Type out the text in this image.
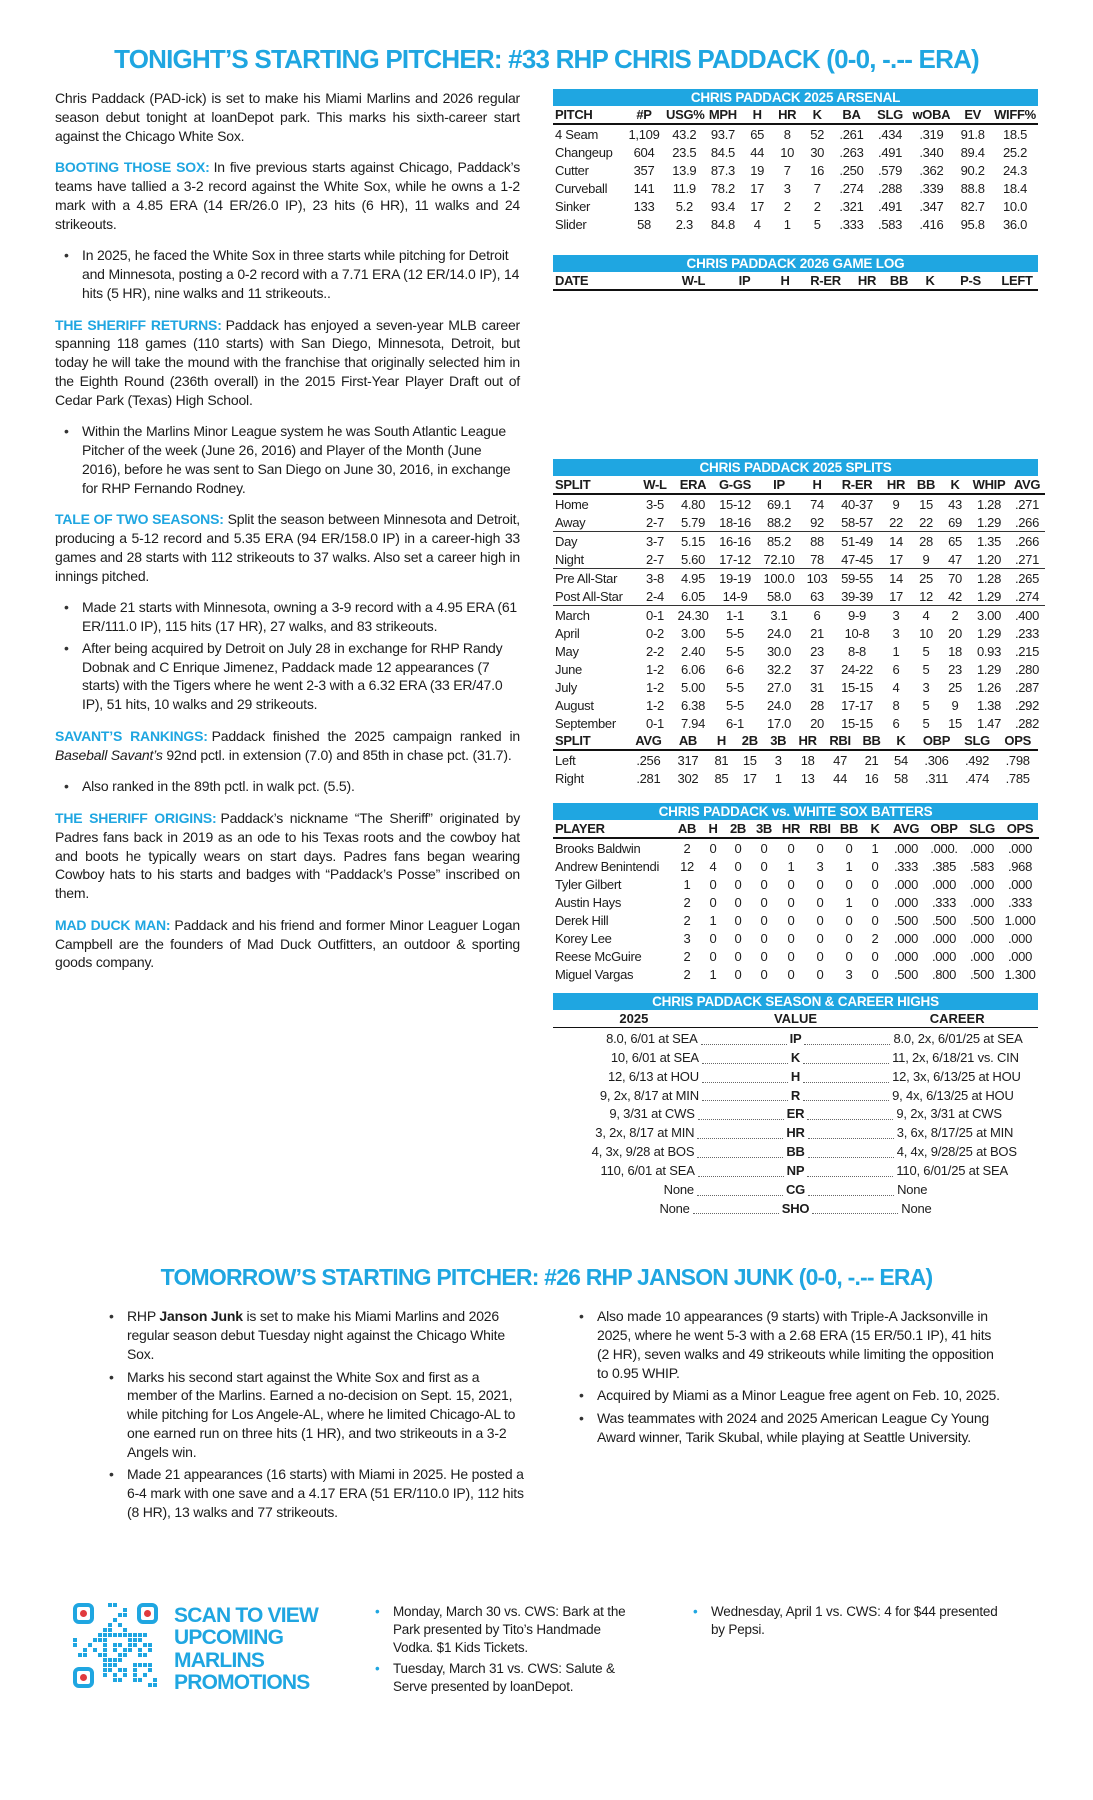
TONIGHT’S STARTING PITCHER: #33 RHP CHRIS PADDACK (0-0, -.-- ERA)

Chris Paddack (PAD-ick) is set to make his Miami Marlins and 2026 regular season debut tonight at loanDepot park. This marks his sixth-career start against the Chicago White Sox.

BOOTING THOSE SOX: In five previous starts against Chicago, Paddack’s teams have tallied a 3-2 record against the White Sox, while he owns a 1-2 mark with a 4.85 ERA (14 ER/26.0 IP), 23 hits (6 HR), 11 walks and 24 strikeouts.

• In 2025, he faced the White Sox in three starts while pitching for Detroit and Minnesota, posting a 0-2 record with a 7.71 ERA (12 ER/14.0 IP), 14 hits (5 HR), nine walks and 11 strikeouts..

THE SHERIFF RETURNS: Paddack has enjoyed a seven-year MLB career spanning 118 games (110 starts) with San Diego, Minnesota, Detroit, but today he will take the mound with the franchise that originally selected him in the Eighth Round (236th overall) in the 2015 First-Year Player Draft out of Cedar Park (Texas) High School.

• Within the Marlins Minor League system he was South Atlantic League Pitcher of the week (June 26, 2016) and Player of the Month (June 2016), before he was sent to San Diego on June 30, 2016, in exchange for RHP Fernando Rodney.

TALE OF TWO SEASONS: Split the season between Minnesota and Detroit, producing a 5-12 record and 5.35 ERA (94 ER/158.0 IP) in a career-high 33 games and 28 starts with 112 strikeouts to 37 walks. Also set a career high in innings pitched.

• Made 21 starts with Minnesota, owning a 3-9 record with a 4.95 ERA (61 ER/111.0 IP), 115 hits (17 HR), 27 walks, and 83 strikeouts.
• After being acquired by Detroit on July 28 in exchange for RHP Randy Dobnak and C Enrique Jimenez, Paddack made 12 appearances (7 starts) with the Tigers where he went 2-3 with a 6.32 ERA (33 ER/47.0 IP), 51 hits, 10 walks and 29 strikeouts.

SAVANT’S RANKINGS: Paddack finished the 2025 campaign ranked in Baseball Savant’s 92nd pctl. in extension (7.0) and 85th in chase pct. (31.7).

• Also ranked in the 89th pctl. in walk pct. (5.5).

THE SHERIFF ORIGINS: Paddack’s nickname “The Sheriff” originated by Padres fans back in 2019 as an ode to his Texas roots and the cowboy hat and boots he typically wears on start days. Padres fans began wearing Cowboy hats to his starts and badges with “Paddack’s Posse” inscribed on them.

MAD DUCK MAN: Paddack and his friend and former Minor Leaguer Logan Campbell are the founders of Mad Duck Outfitters, an outdoor & sporting goods company.

CHRIS PADDACK 2025 ARSENAL
PITCH	#P	USG%	MPH	H	HR	K	BA	SLG	wOBA	EV	WIFF%
4 Seam	1,109	43.2	93.7	65	8	52	.261	.434	.319	91.8	18.5
Changeup	604	23.5	84.5	44	10	30	.263	.491	.340	89.4	25.2
Cutter	357	13.9	87.3	19	7	16	.250	.579	.362	90.2	24.3
Curveball	141	11.9	78.2	17	3	7	.274	.288	.339	88.8	18.4
Sinker	133	5.2	93.4	17	2	2	.321	.491	.347	82.7	10.0
Slider	58	2.3	84.8	4	1	5	.333	.583	.416	95.8	36.0
CHRIS PADDACK 2026 GAME LOG
DATE	W-L	IP	H	R-ER	HR	BB	K	P-S	LEFT
CHRIS PADDACK 2025 SPLITS
SPLIT	W-L	ERA	G-GS	IP	H	R-ER	HR	BB	K	WHIP	AVG
Home	3-5	4.80	15-12	69.1	74	40-37	9	15	43	1.28	.271
Away	2-7	5.79	18-16	88.2	92	58-57	22	22	69	1.29	.266
Day	3-7	5.15	16-16	85.2	88	51-49	14	28	65	1.35	.266
Night	2-7	5.60	17-12	72.10	78	47-45	17	9	47	1.20	.271
Pre All-Star	3-8	4.95	19-19	100.0	103	59-55	14	25	70	1.28	.265
Post All-Star	2-4	6.05	14-9	58.0	63	39-39	17	12	42	1.29	.274
March	0-1	24.30	1-1	3.1	6	9-9	3	4	2	3.00	.400
April	0-2	3.00	5-5	24.0	21	10-8	3	10	20	1.29	.233
May	2-2	2.40	5-5	30.0	23	8-8	1	5	18	0.93	.215
June	1-2	6.06	6-6	32.2	37	24-22	6	5	23	1.29	.280
July	1-2	5.00	5-5	27.0	31	15-15	4	3	25	1.26	.287
August	1-2	6.38	5-5	24.0	28	17-17	8	5	9	1.38	.292
September	0-1	7.94	6-1	17.0	20	15-15	6	5	15	1.47	.282
SPLIT	AVG	AB	H	2B	3B	HR	RBI	BB	K	OBP	SLG	OPS
Left	.256	317	81	15	3	18	47	21	54	.306	.492	.798
Right	.281	302	85	17	1	13	44	16	58	.311	.474	.785
CHRIS PADDACK vs. WHITE SOX BATTERS
PLAYER	AB	H	2B	3B	HR	RBI	BB	K	AVG	OBP	SLG	OPS
Brooks Baldwin	2	0	0	0	0	0	0	1	.000	.000.	.000	.000
Andrew Benintendi	12	4	0	0	1	3	1	0	.333	.385	.583	.968
Tyler Gilbert	1	0	0	0	0	0	0	0	.000	.000	.000	.000
Austin Hays	2	0	0	0	0	0	1	0	.000	.333	.000	.333
Derek Hill	2	1	0	0	0	0	0	0	.500	.500	.500	1.000
Korey Lee	3	0	0	0	0	0	0	2	.000	.000	.000	.000
Reese McGuire	2	0	0	0	0	0	0	0	.000	.000	.000	.000
Miguel Vargas	2	1	0	0	0	0	3	0	.500	.800	.500	1.300
CHRIS PADDACK SEASON & CAREER HIGHS
2025	VALUE	CAREER
8.0, 6/01 at SEA	IP	8.0, 2x, 6/01/25 at SEA
10, 6/01 at SEA	K	11, 2x, 6/18/21 vs. CIN
12, 6/13 at HOU	H	12, 3x, 6/13/25 at HOU
9, 2x, 8/17 at MIN	R	9, 4x, 6/13/25 at HOU
9, 3/31 at CWS	ER	9, 2x, 3/31 at CWS
3, 2x, 8/17 at MIN	HR	3, 6x, 8/17/25 at MIN
4, 3x, 9/28 at BOS	BB	4, 4x, 9/28/25 at BOS
110, 6/01 at SEA	NP	110, 6/01/25 at SEA
None	CG	None
None	SHO	None
TOMORROW’S STARTING PITCHER: #26 RHP JANSON JUNK (0-0, -.-- ERA)
• RHP Janson Junk is set to make his Miami Marlins and 2026 regular season debut Tuesday night against the Chicago White Sox.
• Marks his second start against the White Sox and first as a member of the Marlins. Earned a no-decision on Sept. 15, 2021, while pitching for Los Angele-AL, where he limited Chicago-AL to one earned run on three hits (1 HR), and two strikeouts in a 3-2 Angels win.
• Made 21 appearances (16 starts) with Miami in 2025. He posted a 6-4 mark with one save and a 4.17 ERA (51 ER/110.0 IP), 112 hits (8 HR), 13 walks and 77 strikeouts.
• Also made 10 appearances (9 starts) with Triple-A Jacksonville in 2025, where he went 5-3 with a 2.68 ERA (15 ER/50.1 IP), 41 hits (2 HR), seven walks and 49 strikeouts while limiting the opposition to 0.95 WHIP.
• Acquired by Miami as a Minor League free agent on Feb. 10, 2025.
• Was teammates with 2024 and 2025 American League Cy Young Award winner, Tarik Skubal, while playing at Seattle University.
SCAN TO VIEW
UPCOMING
MARLINS
PROMOTIONS
• Monday, March 30 vs. CWS: Bark at the Park presented by Tito’s Handmade Vodka. $1 Kids Tickets.
• Tuesday, March 31 vs. CWS: Salute & Serve presented by loanDepot.
• Wednesday, April 1 vs. CWS: 4 for $44 presented by Pepsi.
